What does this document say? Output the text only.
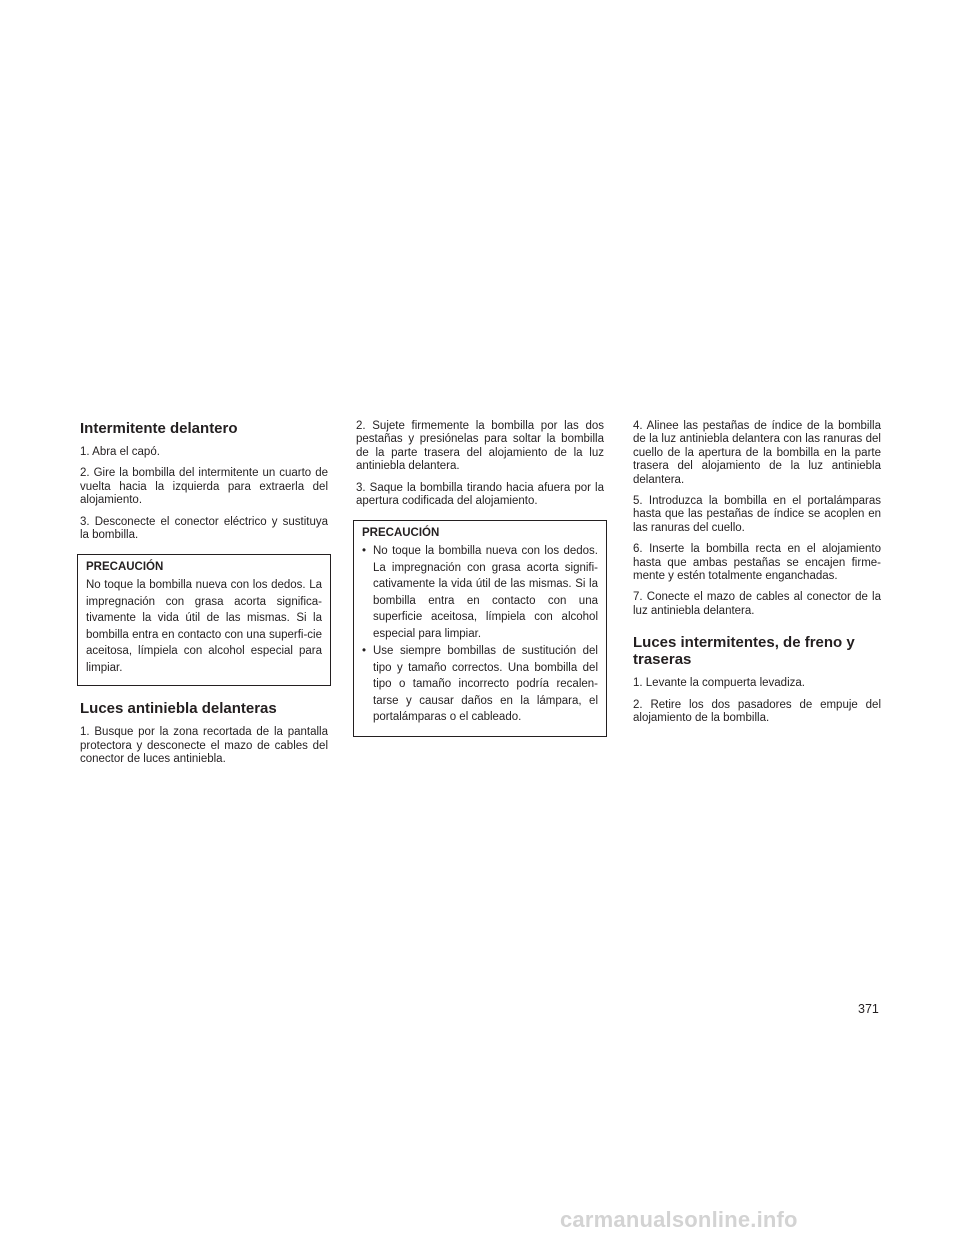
Intermitente delantero

1. Abra el capó.

2. Gire la bombilla del intermitente un cuarto de vuelta hacia la izquierda para extraerla del alojamiento.

3. Desconecte el conector eléctrico y sustituya la bombilla.

PRECAUCIÓN

No toque la bombilla nueva con los dedos. La impregnación con grasa acorta significa-tivamente la vida útil de las mismas. Si la bombilla entra en contacto con una superfi-cie aceitosa, límpiela con alcohol especial para limpiar.

Luces antiniebla delanteras

1. Busque por la zona recortada de la pantalla protectora y desconecte el mazo de cables del conector de luces antiniebla.

2. Sujete firmemente la bombilla por las dos pestañas y presiónelas para soltar la bombilla de la parte trasera del alojamiento de la luz antiniebla delantera.

3. Saque la bombilla tirando hacia afuera por la apertura codificada del alojamiento.

PRECAUCIÓN
• No toque la bombilla nueva con los dedos. La impregnación con grasa acorta signifi-cativamente la vida útil de las mismas. Si la bombilla entra en contacto con una superficie aceitosa, límpiela con alcohol especial para limpiar.
• Use siempre bombillas de sustitución del tipo y tamaño correctos. Una bombilla del tipo o tamaño incorrecto podría recalen-tarse y causar daños en la lámpara, el portalámparas o el cableado.

4. Alinee las pestañas de índice de la bombilla de la luz antiniebla delantera con las ranuras del cuello de la apertura de la bombilla en la parte trasera del alojamiento de la luz antiniebla delantera.

5. Introduzca la bombilla en el portalámparas hasta que las pestañas de índice se acoplen en las ranuras del cuello.

6. Inserte la bombilla recta en el alojamiento hasta que ambas pestañas se encajen firme-mente y estén totalmente enganchadas.

7. Conecte el mazo de cables al conector de la luz antiniebla delantera.

Luces intermitentes, de freno y traseras

1. Levante la compuerta levadiza.

2. Retire los dos pasadores de empuje del alojamiento de la bombilla.

371
carmanualsonline.info
